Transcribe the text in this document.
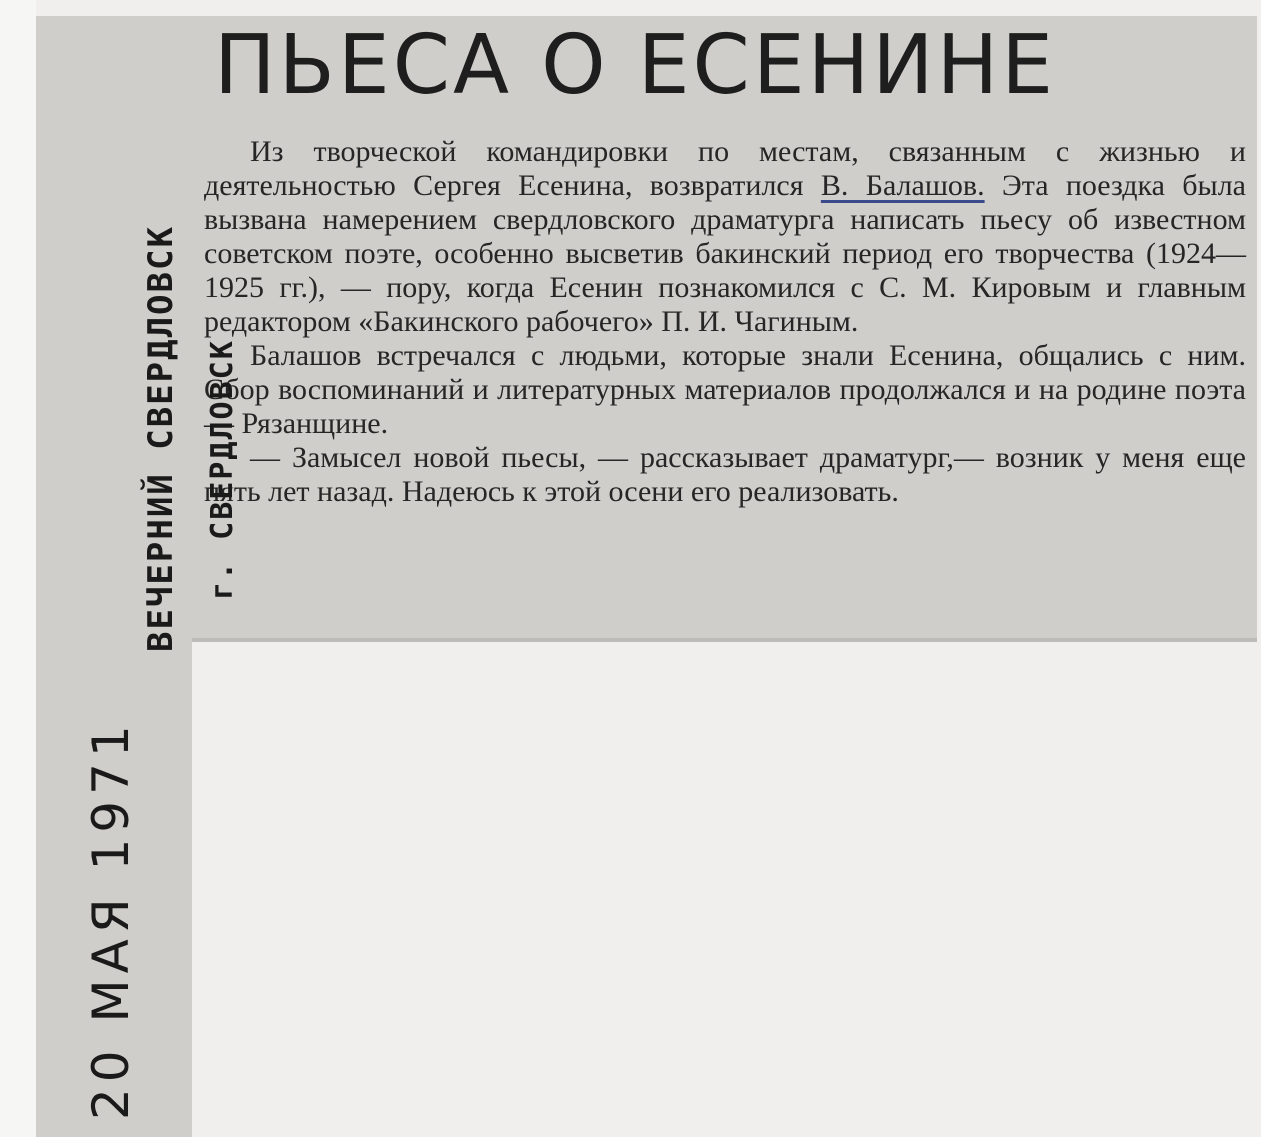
ПЬЕСА О ЕСЕНИНЕ

Из творческой командировки по местам, связанным с жизнью и деятельностью Сергея Есенина, возвратился В. Балашов. Эта поездка была вызвана намерением свердловского драматурга написать пьесу об известном советском поэте, особенно высветив бакинский период его творчества (1924—1925 гг.), — пору, когда Есенин познакомился с С. М. Кировым и главным редактором «Бакинского рабочего» П. И. Чагиным.

Балашов встречался с людьми, которые знали Есенина, общались с ним. Сбор воспоминаний и литературных материалов продолжался и на родине поэта — Рязанщине.

— Замысел новой пьесы, — рассказывает драматург,— возник у меня еще пять лет назад. Надеюсь к этой осени его реализовать.

ВЕЧЕРНИЙ СВЕРДЛОВСК г. СВЕРДЛОВСК
20 МАЯ 1971
